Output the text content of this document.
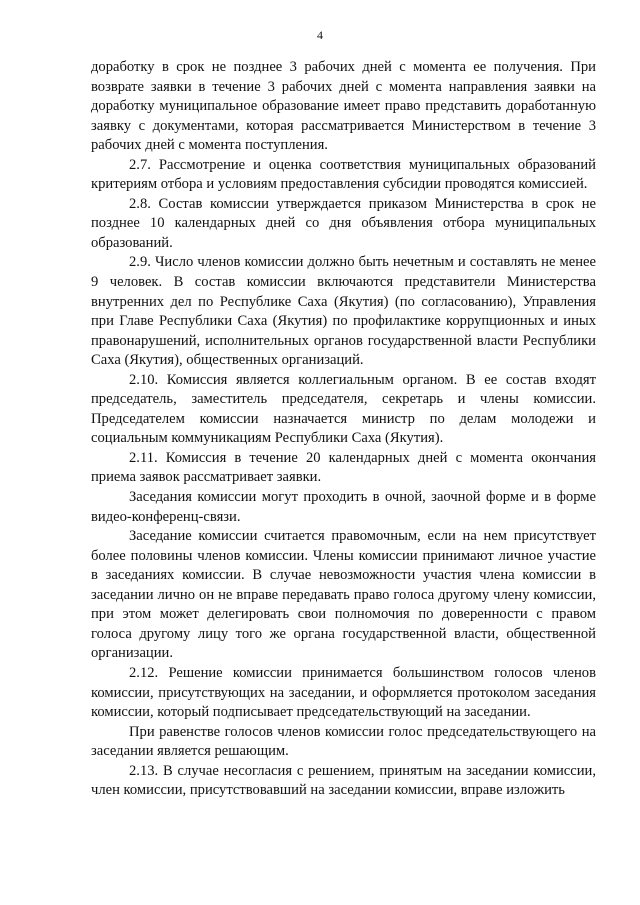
4

доработку в срок не позднее 3 рабочих дней с момента ее получения. При возврате заявки в течение 3 рабочих дней с момента направления заявки на доработку муниципальное образование имеет право представить доработанную заявку с документами, которая рассматривается Министерством в течение 3 рабочих дней с момента поступления.

2.7. Рассмотрение и оценка соответствия муниципальных образований критериям отбора и условиям предоставления субсидии проводятся комиссией.

2.8. Состав комиссии утверждается приказом Министерства в срок не позднее 10 календарных дней со дня объявления отбора муниципальных образований.

2.9. Число членов комиссии должно быть нечетным и составлять не менее 9 человек. В состав комиссии включаются представители Министерства внутренних дел по Республике Саха (Якутия) (по согласованию), Управления при Главе Республики Саха (Якутия) по профилактике коррупционных и иных правонарушений, исполнительных органов государственной власти Республики Саха (Якутия), общественных организаций.

2.10. Комиссия является коллегиальным органом. В ее состав входят председатель, заместитель председателя, секретарь и члены комиссии. Председателем комиссии назначается министр по делам молодежи и социальным коммуникациям Республики Саха (Якутия).

2.11. Комиссия в течение 20 календарных дней с момента окончания приема заявок рассматривает заявки.

Заседания комиссии могут проходить в очной, заочной форме и в форме видео-конференц-связи.

Заседание комиссии считается правомочным, если на нем присутствует более половины членов комиссии. Члены комиссии принимают личное участие в заседаниях комиссии. В случае невозможности участия члена комиссии в заседании лично он не вправе передавать право голоса другому члену комиссии, при этом может делегировать свои полномочия по доверенности с правом голоса другому лицу того же органа государственной власти, общественной организации.

2.12. Решение комиссии принимается большинством голосов членов комиссии, присутствующих на заседании, и оформляется протоколом заседания комиссии, который подписывает председательствующий на заседании.

При равенстве голосов членов комиссии голос председательствующего на заседании является решающим.

2.13. В случае несогласия с решением, принятым на заседании комиссии, член комиссии, присутствовавший на заседании комиссии, вправе изложить
